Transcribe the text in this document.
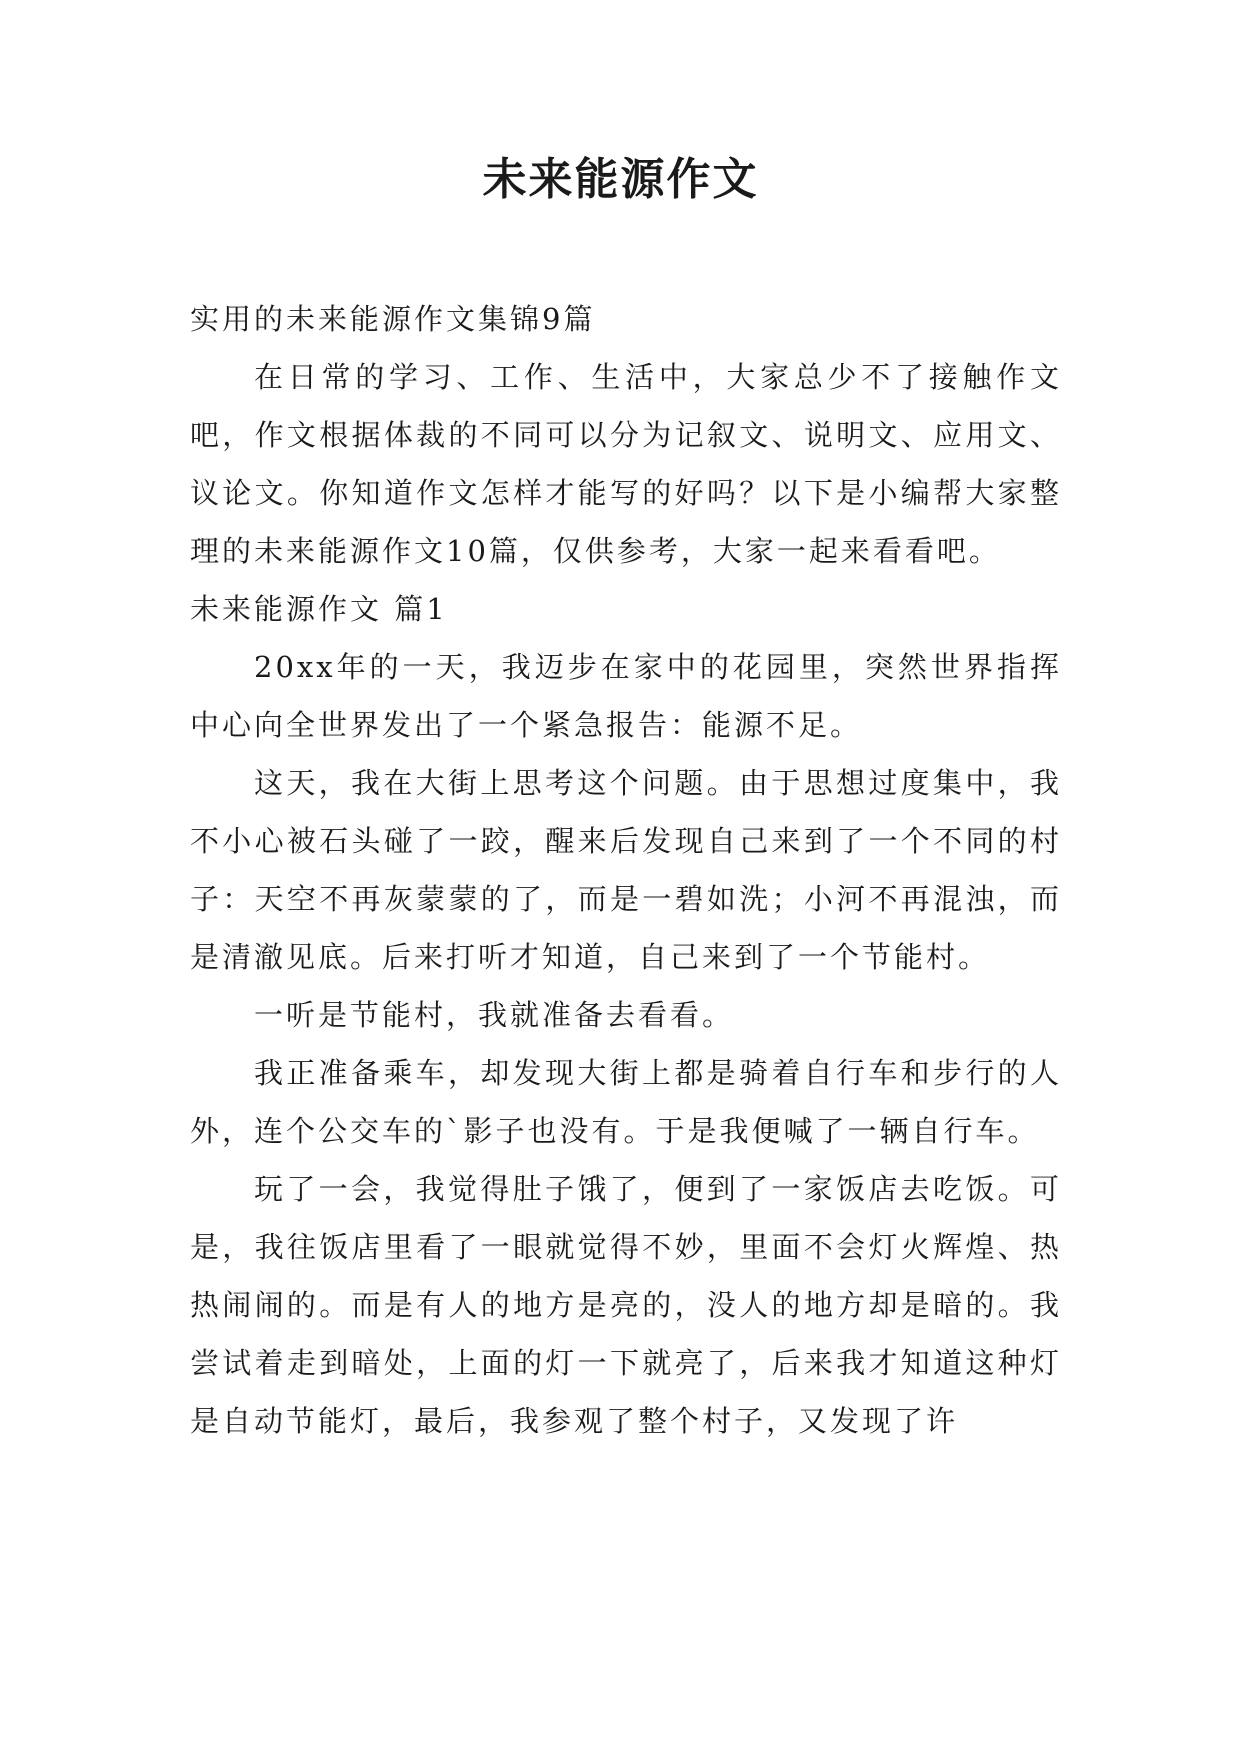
未来能源作文

实用的未来能源作文集锦9篇

在日常的学习、工作、生活中，大家总少不了接触作文吧，作文根据体裁的不同可以分为记叙文、说明文、应用文、议论文。你知道作文怎样才能写的好吗？以下是小编帮大家整理的未来能源作文10篇，仅供参考，大家一起来看看吧。

未来能源作文 篇1

20xx年的一天，我迈步在家中的花园里，突然世界指挥中心向全世界发出了一个紧急报告：能源不足。

这天，我在大街上思考这个问题。由于思想过度集中，我不小心被石头碰了一跤，醒来后发现自己来到了一个不同的村子：天空不再灰蒙蒙的了，而是一碧如洗；小河不再混浊，而是清澈见底。后来打听才知道，自己来到了一个节能村。

一听是节能村，我就准备去看看。

我正准备乘车，却发现大街上都是骑着自行车和步行的人外，连个公交车的`影子也没有。于是我便喊了一辆自行车。

玩了一会，我觉得肚子饿了，便到了一家饭店去吃饭。可是，我往饭店里看了一眼就觉得不妙，里面不会灯火辉煌、热热闹闹的。而是有人的地方是亮的，没人的地方却是暗的。我尝试着走到暗处，上面的灯一下就亮了，后来我才知道这种灯是自动节能灯，最后，我参观了整个村子，又发现了许
